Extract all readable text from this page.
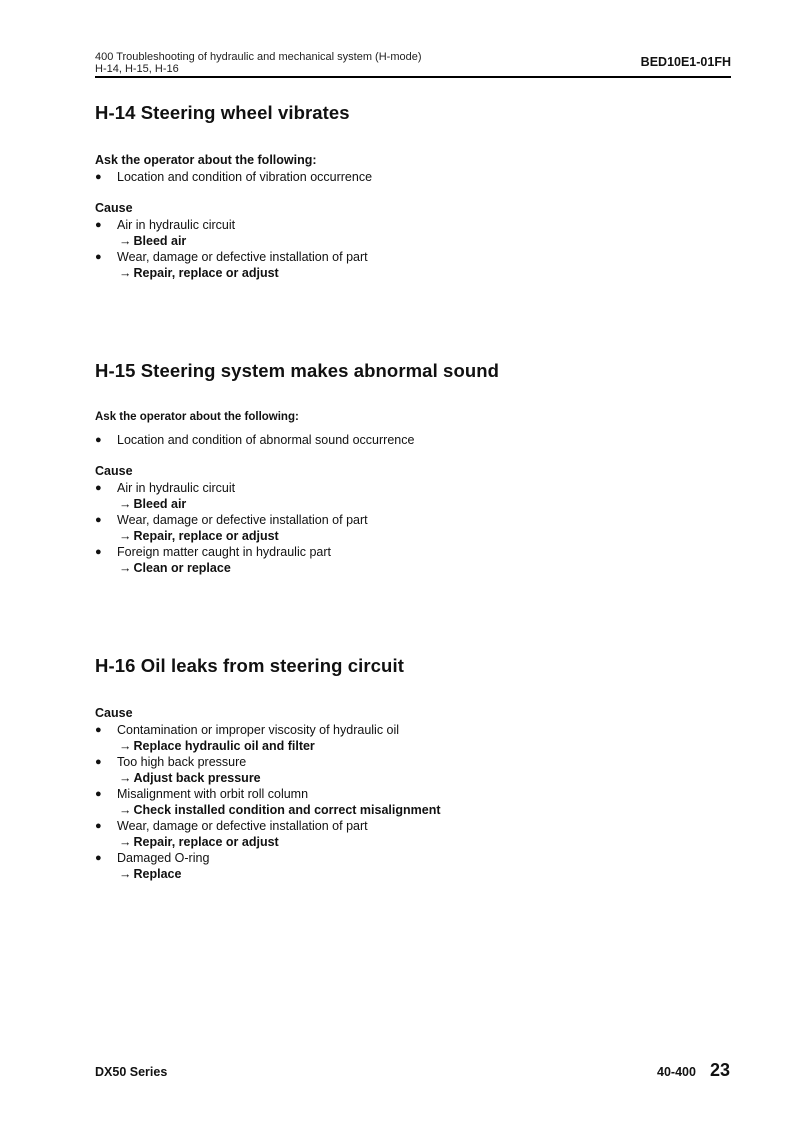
400 Troubleshooting of hydraulic and mechanical system (H-mode)
H-14, H-15, H-16	BED10E1-01FH
H-14 Steering wheel vibrates
Ask the operator about the following:
● Location and condition of vibration occurrence
Cause
● Air in hydraulic circuit
→ Bleed air
● Wear, damage or defective installation of part
→ Repair, replace or adjust
H-15 Steering system makes abnormal sound
Ask the operator about the following:
● Location and condition of abnormal sound occurrence
Cause
● Air in hydraulic circuit
→ Bleed air
● Wear, damage or defective installation of part
→ Repair, replace or adjust
● Foreign matter caught in hydraulic part
→ Clean or replace
H-16 Oil leaks from steering circuit
Cause
● Contamination or improper viscosity of hydraulic oil
→ Replace hydraulic oil and filter
● Too high back pressure
→ Adjust back pressure
● Misalignment with orbit roll column
→ Check installed condition and correct misalignment
● Wear, damage or defective installation of part
→ Repair, replace or adjust
● Damaged O-ring
→ Replace
DX50 Series	40-400 23
